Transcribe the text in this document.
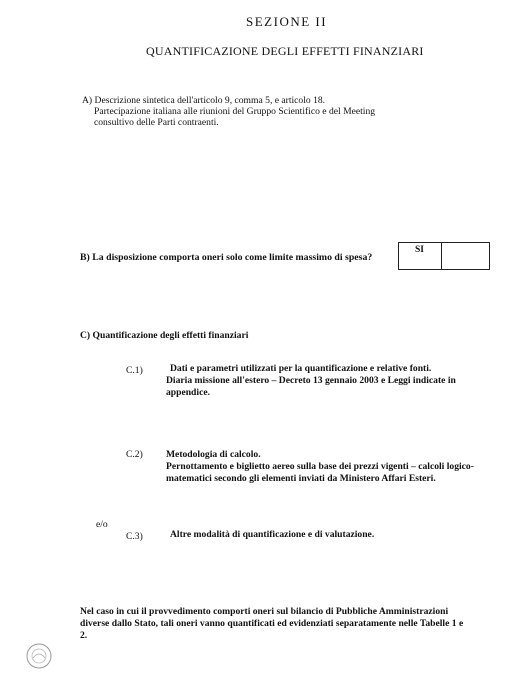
SEZIONE II
QUANTIFICAZIONE DEGLI EFFETTI FINANZIARI
A) Descrizione sintetica dell'articolo 9, comma 5, e articolo 18.
Partecipazione italiana alle riunioni del Gruppo Scientifico e del Meeting
consultivo delle Parti contraenti.
B) La disposizione comporta oneri solo come limite massimo di spesa?
SI
C) Quantificazione degli effetti finanziari
C.1)	Dati e parametri utilizzati per la quantificazione e relative fonti.
Diaria missione all'estero – Decreto 13 gennaio 2003 e Leggi indicate in
appendice.
C.2) Metodologia di calcolo.
Pernottamento e biglietto aereo sulla base dei prezzi vigenti – calcoli logico-
matematici secondo gli elementi inviati da Ministero Affari Esteri.
e/o
C.3)	Altre modalità di quantificazione e di valutazione.
Nel caso in cui il provvedimento comporti oneri sul bilancio di Pubbliche Amministrazioni
diverse dallo Stato, tali oneri vanno quantificati ed evidenziati separatamente nelle Tabelle 1 e
2.
